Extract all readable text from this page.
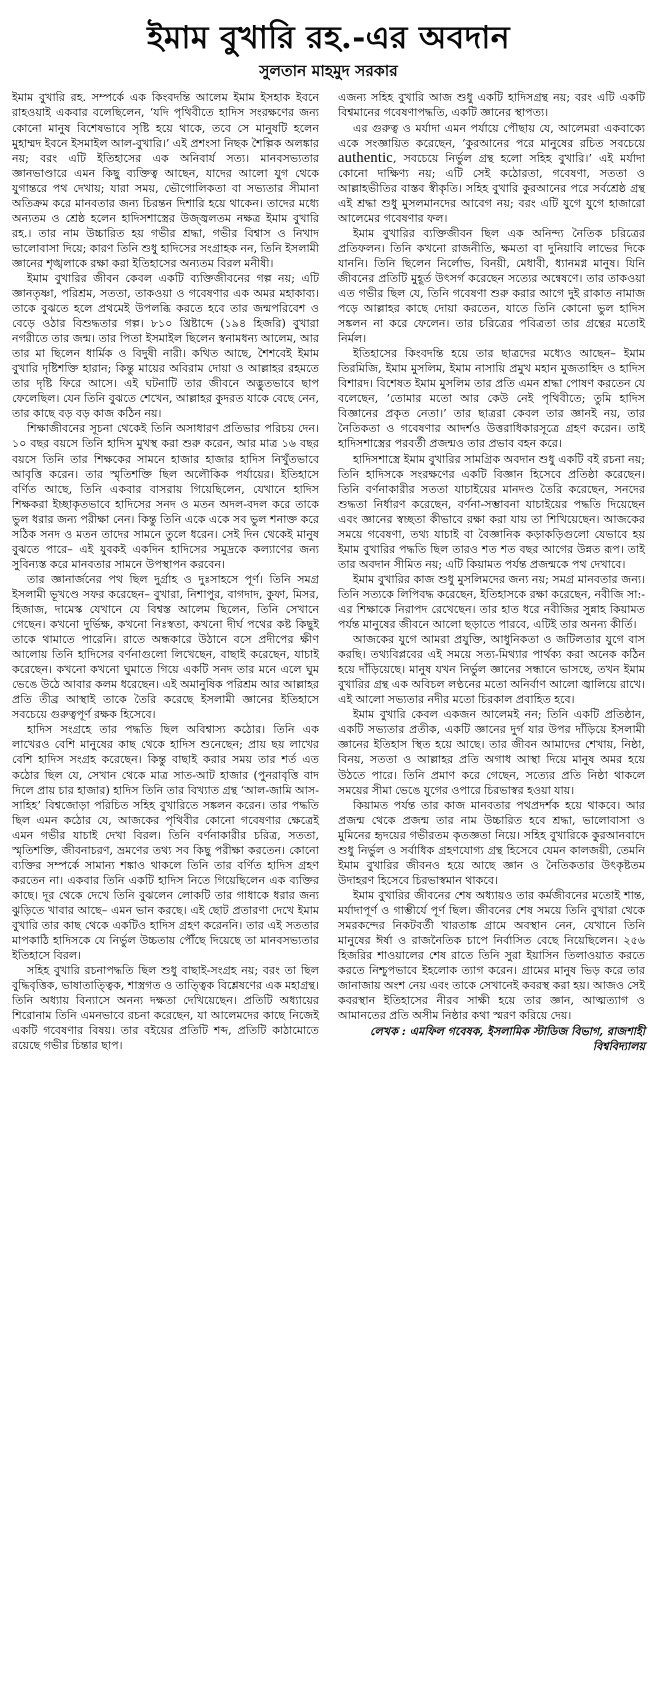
ইমাম বুখারি রহ.-এর অবদান
সুলতান মাহমুদ সরকার

ইমাম বুখারি রহ. সম্পর্কে এক কিংবদন্তি আলেম ইমাম ইসহাক ইবনে রাহওয়াই একবার বলেছিলেন, ‘যদি পৃথিবীতে হাদিস সংরক্ষণের জন্য কোনো মানুষ বিশেষভাবে সৃষ্টি হয়ে থাকে, তবে সে মানুষটি হলেন মুহাম্মদ ইবনে ইসমাইল আল-বুখারি।’ এই প্রশংসা নিছক শৈল্পিক অলঙ্কার নয়; বরং এটি ইতিহাসের এক অনিবার্য সত্য। মানবসভ্যতার জ্ঞানভাণ্ডারে এমন কিছু ব্যক্তিত্ব আছেন, যাদের আলো যুগ থেকে যুগান্তরে পথ দেখায়; যারা সময়, ভৌগোলিকতা বা সভ্যতার সীমানা অতিক্রম করে মানবতার জন্য চিরন্তন দিশারি হয়ে থাকেন। তাদের মধ্যে অন্যতম ও শ্রেষ্ঠ হলেন হাদিসশাস্ত্রের উজ্জ্বলতম নক্ষত্র ইমাম বুখারি রহ.। তার নাম উচ্চারিত হয় গভীর শ্রদ্ধা, গভীর বিশ্বাস ও নিখাদ ভালোবাসা দিয়ে; কারণ তিনি শুধু হাদিসের সংগ্রাহক নন, তিনি ইসলামী জ্ঞানের শৃঙ্খলাকে রক্ষা করা ইতিহাসের অন্যতম বিরল মনীষী।

ইমাম বুখারির জীবন কেবল একটি ব্যক্তিজীবনের গল্প নয়; এটি জ্ঞানতৃষ্ণা, পরিশ্রম, সততা, তাকওয়া ও গবেষণার এক অমর মহাকাব্য। তাকে বুঝতে হলে প্রথমেই উপলব্ধি করতে হবে তার জন্মপরিবেশ ও বেড়ে ওঠার বিশুদ্ধতার গল্প। ৮১০ খ্রিষ্টাব্দে (১৯৪ হিজরি) বুখারা নগরীতে তার জন্ম। তার পিতা ইসমাইল ছিলেন স্বনামধন্য আলেম, আর তার মা ছিলেন ধার্মিক ও বিদুষী নারী। কথিত আছে, শৈশবেই ইমাম বুখারি দৃষ্টিশক্তি হারান; কিন্তু মায়ের অবিরাম দোয়া ও আল্লাহর রহমতে তার দৃষ্টি ফিরে আসে। এই ঘটনাটি তার জীবনে অদ্ভুতভাবে ছাপ ফেলেছিল। যেন তিনি বুঝতে শেখেন, আল্লাহর কুদরত যাকে বেছে নেন, তার কাছে বড় বড় কাজ কঠিন নয়।

শিক্ষাজীবনের সূচনা থেকেই তিনি অসাধারণ প্রতিভার পরিচয় দেন। ১০ বছর বয়সে তিনি হাদিস মুখস্থ করা শুরু করেন, আর মাত্র ১৬ বছর বয়সে তিনি তার শিক্ষকের সামনে হাজার হাজার হাদিস নিখুঁতভাবে আবৃত্তি করেন। তার স্মৃতিশক্তি ছিল অলৌকিক পর্যায়ের। ইতিহাসে বর্ণিত আছে, তিনি একবার বাসরায় গিয়েছিলেন, যেখানে হাদিস শিক্ষকরা ইচ্ছাকৃতভাবে হাদিসের সনদ ও মতন অদল-বদল করে তাকে ভুল ধরার জন্য পরীক্ষা নেন। কিন্তু তিনি একে একে সব ভুল শনাক্ত করে সঠিক সনদ ও মতন তাদের সামনে তুলে ধরেন। সেই দিন থেকেই মানুষ বুঝতে পারে– এই যুবকই একদিন হাদিসের সমুদ্রকে কল্যাণের জন্য সুবিন্যস্ত করে মানবতার সামনে উপস্থাপন করবেন।

তার জ্ঞানার্জনের পথ ছিল দুর্গ্রাহ ও দুঃসাহসে পূর্ণ। তিনি সমগ্র ইসলামী ভূখণ্ডে সফর করেছেন– বুখারা, নিশাপুর, বাগদাদ, কুফা, মিসর, হিজাজ, দামেস্ক যেখানে যে বিশ্বস্ত আলেম ছিলেন, তিনি সেখানে গেছেন। কখনো দুর্ভিক্ষ, কখনো নিঃস্বতা, কখনো দীর্ঘ পথের কষ্ট কিছুই তাকে থামাতে পারেনি। রাতে অন্ধকারে উঠানে বসে প্রদীপের ক্ষীণ আলোয় তিনি হাদিসের বর্ণনাগুলো লিখেছেন, বাছাই করেছেন, যাচাই করেছেন। কখনো কখনো ঘুমাতে গিয়ে একটি সনদ তার মনে এলে ঘুম ভেঙে উঠে আবার কলম ধরেছেন। এই অমানুষিক পরিশ্রম আর আল্লাহর প্রতি তীব্র আস্থাই তাকে তৈরি করেছে ইসলামী জ্ঞানের ইতিহাসে সবচেয়ে গুরুত্বপূর্ণ রক্ষক হিসেবে।

হাদিস সংগ্রহে তার পদ্ধতি ছিল অবিশ্বাস্য কঠোর। তিনি এক লাখেরও বেশি মানুষের কাছ থেকে হাদিস শুনেছেন; প্রায় ছয় লাখের বেশি হাদিস সংগ্রহ করেছেন। কিন্তু বাছাই করার সময় তার শর্ত এত কঠোর ছিল যে, সেখান থেকে মাত্র সাত-আট হাজার (পুনরাবৃত্তি বাদ দিলে প্রায় চার হাজার) হাদিস তিনি তার বিখ্যাত গ্রন্থ ‘আল-জামি আস-সাহিহ’ বিশ্বজোড়া পরিচিত সহিহ বুখারিতে সঙ্কলন করেন। তার পদ্ধতি ছিল এমন কঠোর যে, আজকের পৃথিবীর কোনো গবেষণার ক্ষেত্রেই এমন গভীর যাচাই দেখা বিরল। তিনি বর্ণনাকারীর চরিত্র, সততা, স্মৃতিশক্তি, জীবনাচরণ, ভ্রমণের তথ্য সব কিছু পরীক্ষা করতেন। কোনো ব্যক্তির সম্পর্কে সামান্য শঙ্কাও থাকলে তিনি তার বর্ণিত হাদিস গ্রহণ করতেন না। একবার তিনি একটি হাদিস নিতে গিয়েছিলেন এক ব্যক্তির কাছে। দূর থেকে দেখে তিনি বুঝলেন লোকটি তার গাধাকে ধরার জন্য ঝুড়িতে খাবার আছে– এমন ভান করছে। এই ছোট প্রতারণা দেখে ইমাম বুখারি তার কাছ থেকে একটিও হাদিস গ্রহণ করেননি। তার এই সততার মাপকাঠি হাদিসকে যে নির্ভুল উচ্চতায় পৌঁছে দিয়েছে তা মানবসভ্যতার ইতিহাসে বিরল।

সহিহ বুখারি রচনাপদ্ধতি ছিল শুধু বাছাই-সংগ্রহ নয়; বরং তা ছিল বুদ্ধিবৃত্তিক, ভাষাতাত্ত্বিক, শাস্ত্রগত ও তাত্ত্বিক বিশ্লেষণের এক মহাগ্রন্থ। তিনি অধ্যায় বিন্যাসে অনন্য দক্ষতা দেখিয়েছেন। প্রতিটি অধ্যায়ের শিরোনাম তিনি এমনভাবে রচনা করেছেন, যা আলেমদের কাছে নিজেই একটি গবেষণার বিষয়। তার বইয়ের প্রতিটি শব্দ, প্রতিটি কাঠামোতে রয়েছে গভীর চিন্তার ছাপ।

এজন্য সহিহ বুখারি আজ শুধু একটি হাদিসগ্রন্থ নয়; বরং এটি একটি বিশ্বমানের গবেষণাপদ্ধতি, একটি জ্ঞানের স্থাপত্য।

এর গুরুত্ব ও মর্যাদা এমন পর্যায়ে পৌছায় যে, আলেমরা একবাক্যে একে সংজ্ঞায়িত করেছেন, ‘কুরআনের পরে মানুষের রচিত সবচেয়ে authentic, সবচেয়ে নির্ভুল গ্রন্থ হলো সহিহ বুখারি।’ এই মর্যাদা কোনো দাক্ষিণ্য নয়; এটি সেই কঠোরতা, গবেষণা, সততা ও আল্লাহভীতির বাস্তব স্বীকৃতি। সহিহ বুখারি কুরআনের পরে সর্বশ্রেষ্ঠ গ্রন্থ এই শ্রদ্ধা শুধু মুসলমানদের আবেগ নয়; বরং এটি যুগে যুগে হাজারো আলেমের গবেষণার ফল।

ইমাম বুখারির ব্যক্তিজীবন ছিল এক অনিন্দ্য নৈতিক চরিত্রের প্রতিফলন। তিনি কখনো রাজনীতি, ক্ষমতা বা দুনিয়াবি লাভের দিকে যাননি। তিনি ছিলেন নির্লোভ, বিনয়ী, মেধাবী, ধ্যানমগ্ন মানুষ। যিনি জীবনের প্রতিটি মুহূর্ত উৎসর্গ করেছেন সত্যের অন্বেষণে। তার তাকওয়া এত গভীর ছিল যে, তিনি গবেষণা শুরু করার আগে দুই রাকাত নামাজ পড়ে আল্লাহর কাছে দোয়া করতেন, যাতে তিনি কোনো ভুল হাদিস সঙ্কলন না করে ফেলেন। তার চরিত্রের পবিত্রতা তার গ্রন্থের মতোই নির্মল।

ইতিহাসের কিংবদন্তি হয়ে তার ছাত্রদের মধ্যেও আছেন– ইমাম তিরমিজি, ইমাম মুসলিম, ইমাম নাসায়ি প্রমুখ মহান মুজতাহিদ ও হাদিস বিশারদ। বিশেষত ইমাম মুসলিম তার প্রতি এমন শ্রদ্ধা পোষণ করতেন যে বলেছেন, ‘তোমার মতো আর কেউ নেই পৃথিবীতে; তুমি হাদিস বিজ্ঞানের প্রকৃত নেতা।’ তার ছাত্ররা কেবল তার জ্ঞানই নয়, তার নৈতিকতা ও গবেষণার আদর্শও উত্তরাধিকারসূত্রে গ্রহণ করেন। তাই হাদিসশাস্ত্রের পরবর্তী প্রজন্মও তার প্রভাব বহন করে।

হাদিসশাস্ত্রে ইমাম বুখারির সামগ্রিক অবদান শুধু একটি বই রচনা নয়; তিনি হাদিসকে সংরক্ষণের একটি বিজ্ঞান হিসেবে প্রতিষ্ঠা করেছেন। তিনি বর্ণনাকারীর সততা যাচাইয়ের মানদণ্ড তৈরি করেছেন, সনদের শুদ্ধতা নির্ধারণ করেছেন, বর্ণনা-সম্ভাবনা যাচাইয়ের পদ্ধতি দিয়েছেন এবং জ্ঞানের স্বচ্ছতা কীভাবে রক্ষা করা যায় তা শিখিয়েছেন। আজকের সময়ে গবেষণা, তথ্য যাচাই বা বৈজ্ঞানিক কড়াকড়িগুলো যেভাবে হয় ইমাম বুখারির পদ্ধতি ছিল তারও শত শত বছর আগের উন্নত রূপ। তাই তার অবদান সীমিত নয়; এটি কিয়ামত পর্যন্ত প্রজন্মকে পথ দেখাবে।

ইমাম বুখারির কাজ শুধু মুসলিমদের জন্য নয়; সমগ্র মানবতার জন্য। তিনি সত্যকে লিপিবদ্ধ করেছেন, ইতিহাসকে রক্ষা করেছেন, নবীজি সা:-এর শিক্ষাকে নিরাপদ রেখেছেন। তার হাত ধরে নবীজির সুন্নাহ কিয়ামত পর্যন্ত মানুষের জীবনে আলো ছড়াতে পারবে, এটিই তার অনন্য কীর্তি।

আজকের যুগে আমরা প্রযুক্তি, আধুনিকতা ও জটিলতার যুগে বাস করছি। তথ্যবিপ্লবের এই সময়ে সত্য-মিথ্যার পার্থক্য করা অনেক কঠিন হয়ে দাঁড়িয়েছে। মানুষ যখন নির্ভুল জ্ঞানের সন্ধানে ভাসছে, তখন ইমাম বুখারির গ্রন্থ এক অবিচল লণ্ঠনের মতো অনির্বাণ আলো জ্বালিয়ে রাখে। এই আলো সভ্যতার নদীর মতো চিরকাল প্রবাহিত হবে।

ইমাম বুখারি কেবল একজন আলেমই নন; তিনি একটি প্রতিষ্ঠান, একটি সভ্যতার প্রতীক, একটি জ্ঞানের দুর্গ যার উপর দাঁড়িয়ে ইসলামী জ্ঞানের ইতিহাস স্থিত হয়ে আছে। তার জীবন আমাদের শেখায়, নিষ্ঠা, বিনয়, সততা ও আল্লাহর প্রতি অগাধ আস্থা দিয়ে মানুষ অমর হয়ে উঠতে পারে। তিনি প্রমাণ করে গেছেন, সত্যের প্রতি নিষ্ঠা থাকলে সময়ের সীমা ভেঙে যুগের ওপারে চিরভাস্বর হওয়া যায়।

কিয়ামত পর্যন্ত তার কাজ মানবতার পথপ্রদর্শক হয়ে থাকবে। আর প্রজন্ম থেকে প্রজন্ম তার নাম উচ্চারিত হবে শ্রদ্ধা, ভালোবাসা ও মুমিনের হৃদয়ের গভীরতম কৃতজ্ঞতা নিয়ে। সহিহ বুখারিকে কুরআনবাদে শুধু নির্ভুল ও সর্বাধিক গ্রহণযোগ্য গ্রন্থ হিসেবে যেমন কালজয়ী, তেমনি ইমাম বুখারির জীবনও হয়ে আছে জ্ঞান ও নৈতিকতার উৎকৃষ্টতম উদাহরণ হিসেবে চিরভাস্বমান থাকবে।

ইমাম বুখারির জীবনের শেষ অধ্যায়ও তার কর্মজীবনের মতোই শান্ত, মর্যাদাপূর্ণ ও গাম্ভীর্যে পূর্ণ ছিল। জীবনের শেষ সময়ে তিনি বুখারা থেকে সমরকন্দের নিকটবর্তী খারতাঙ্ক গ্রামে অবস্থান নেন, যেখানে তিনি মানুষের ঈর্ষা ও রাজনৈতিক চাপে নির্বাসিত বেছে নিয়েছিলেন। ২৫৬ হিজরির শাওয়ালের শেষ রাতে তিনি সুরা ইয়াসিন তিলাওয়াত করতে করতে নিশ্চুপভাবে ইহলোক ত্যাগ করেন। গ্রামের মানুষ ভিড় করে তার জানাজায় অংশ নেয় এবং তাকে সেখানেই কবরস্থ করা হয়। আজও সেই কবরস্থান ইতিহাসের নীরব সাক্ষী হয়ে তার জ্ঞান, আত্মত্যাগ ও আমানতের প্রতি অসীম নিষ্ঠার কথা স্মরণ করিয়ে দেয়।

লেখক : এমফিল গবেষক, ইসলামিক স্টাডিজ বিভাগ, রাজশাহী বিশ্ববিদ্যালয়
